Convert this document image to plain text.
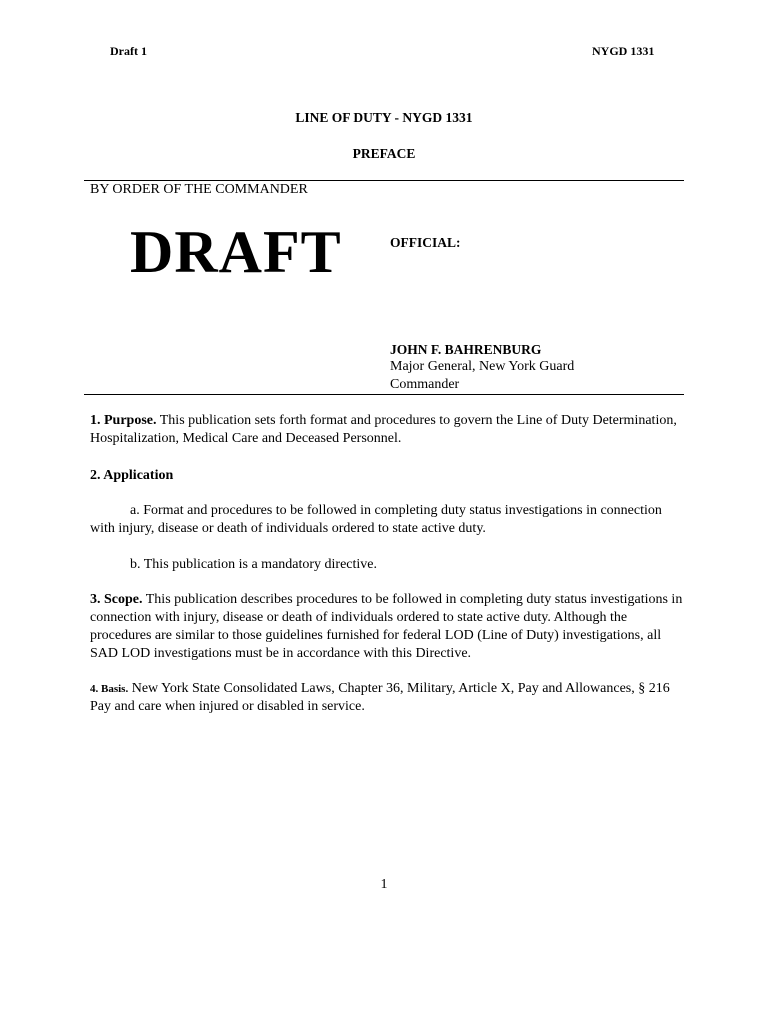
Draft 1	NYGD 1331
LINE OF DUTY - NYGD 1331
PREFACE
BY ORDER OF THE COMMANDER
DRAFT	OFFICIAL:
JOHN F. BAHRENBURG
Major General, New York Guard
Commander

1. Purpose. This publication sets forth format and procedures to govern the Line of Duty Determination, Hospitalization, Medical Care and Deceased Personnel.

2. Application

a. Format and procedures to be followed in completing duty status investigations in connection with injury, disease or death of individuals ordered to state active duty.

b. This publication is a mandatory directive.

3. Scope. This publication describes procedures to be followed in completing duty status investigations in connection with injury, disease or death of individuals ordered to state active duty. Although the procedures are similar to those guidelines furnished for federal LOD (Line of Duty) investigations, all SAD LOD investigations must be in accordance with this Directive.

4. Basis. New York State Consolidated Laws, Chapter 36, Military, Article X, Pay and Allowances, § 216 Pay and care when injured or disabled in service.

1
